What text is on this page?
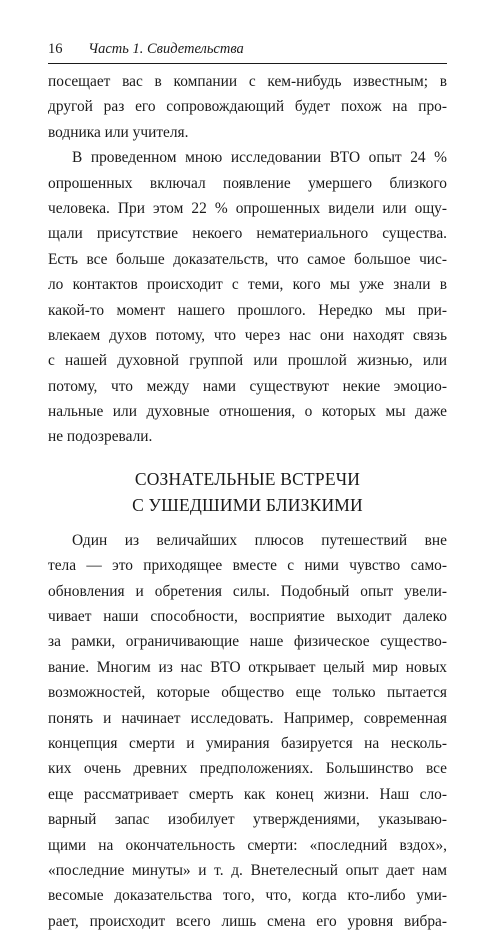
16 Часть 1. Свидетельства
посещает вас в компании с кем-нибудь известным; в
другой раз его сопровождающий будет похож на про-
водника или учителя.
В проведенном мною исследовании ВТО опыт 24 %
опрошенных включал появление умершего близкого
человека. При этом 22 % опрошенных видели или ощу-
щали присутствие некоего нематериального существа.
Есть все больше доказательств, что самое большое чис-
ло контактов происходит с теми, кого мы уже знали в
какой-то момент нашего прошлого. Нередко мы при-
влекаем духов потому, что через нас они находят связь
с нашей духовной группой или прошлой жизнью, или
потому, что между нами существуют некие эмоцио-
нальные или духовные отношения, о которых мы даже
не подозревали.
СОЗНАТЕЛЬНЫЕ ВСТРЕЧИ
С УШЕДШИМИ БЛИЗКИМИ
Один из величайших плюсов путешествий вне
тела — это приходящее вместе с ними чувство само-
обновления и обретения силы. Подобный опыт увели-
чивает наши способности, восприятие выходит далеко
за рамки, ограничивающие наше физическое существо-
вание. Многим из нас ВТО открывает целый мир новых
возможностей, которые общество еще только пытается
понять и начинает исследовать. Например, современная
концепция смерти и умирания базируется на несколь-
ких очень древних предположениях. Большинство все
еще рассматривает смерть как конец жизни. Наш сло-
варный запас изобилует утверждениями, указываю-
щими на окончательность смерти: «последний вздох»,
«последние минуты» и т. д. Внетелесный опыт дает нам
весомые доказательства того, что, когда кто-либо уми-
рает, происходит всего лишь смена его уровня вибра-
